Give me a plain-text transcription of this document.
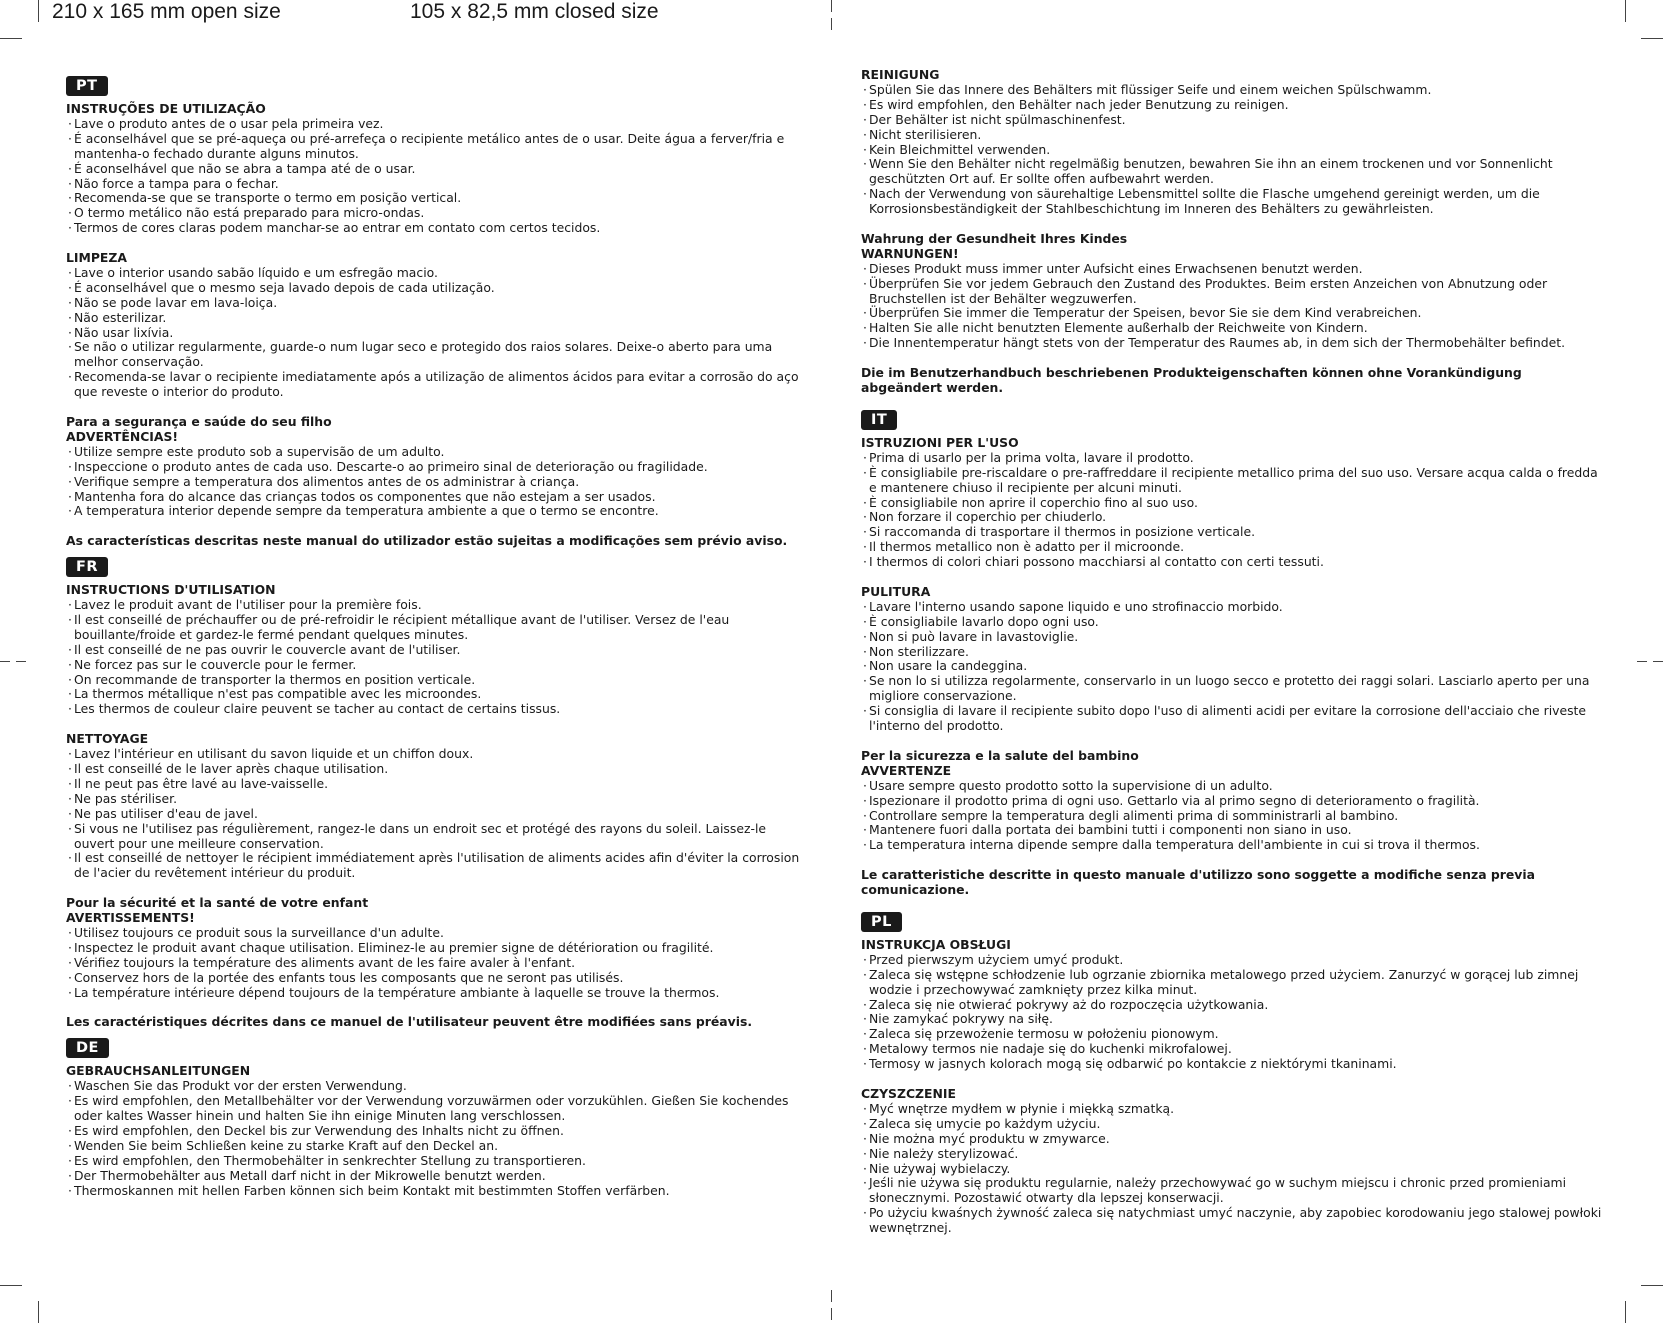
210 x 165 mm open size	105 x 82,5 mm closed size
PT
INSTRUÇÕES DE UTILIZAÇÃO
· Lave o produto antes de o usar pela primeira vez.
· É aconselhável que se pré-aqueça ou pré-arrefeça o recipiente metálico antes de o usar. Deite água a ferver/fria e mantenha-o fechado durante alguns minutos.
· É aconselhável que não se abra a tampa até de o usar.
· Não force a tampa para o fechar.
· Recomenda-se que se transporte o termo em posição vertical.
· O termo metálico não está preparado para micro-ondas.
· Termos de cores claras podem manchar-se ao entrar em contato com certos tecidos.
LIMPEZA
· Lave o interior usando sabão líquido e um esfregão macio.
· É aconselhável que o mesmo seja lavado depois de cada utilização.
· Não se pode lavar em lava-loiça.
· Não esterilizar.
· Não usar lixívia.
· Se não o utilizar regularmente, guarde-o num lugar seco e protegido dos raios solares. Deixe-o aberto para uma melhor conservação.
· Recomenda-se lavar o recipiente imediatamente após a utilização de alimentos ácidos para evitar a corrosão do aço que reveste o interior do produto.
Para a segurança e saúde do seu filho
ADVERTÊNCIAS!
· Utilize sempre este produto sob a supervisão de um adulto.
· Inspeccione o produto antes de cada uso. Descarte-o ao primeiro sinal de deterioração ou fragilidade.
· Verifique sempre a temperatura dos alimentos antes de os administrar à criança.
· Mantenha fora do alcance das crianças todos os componentes que não estejam a ser usados.
· A temperatura interior depende sempre da temperatura ambiente a que o termo se encontre.
As características descritas neste manual do utilizador estão sujeitas a modificações sem prévio aviso.
FR
INSTRUCTIONS D'UTILISATION
· Lavez le produit avant de l'utiliser pour la première fois.
· Il est conseillé de préchauffer ou de pré-refroidir le récipient métallique avant de l'utiliser. Versez de l'eau bouillante/froide et gardez-le fermé pendant quelques minutes.
· Il est conseillé de ne pas ouvrir le couvercle avant de l'utiliser.
· Ne forcez pas sur le couvercle pour le fermer.
· On recommande de transporter la thermos en position verticale.
· La thermos métallique n'est pas compatible avec les microondes.
· Les thermos de couleur claire peuvent se tacher au contact de certains tissus.
NETTOYAGE
· Lavez l'intérieur en utilisant du savon liquide et un chiffon doux.
· Il est conseillé de le laver après chaque utilisation.
· Il ne peut pas être lavé au lave-vaisselle.
· Ne pas stériliser.
· Ne pas utiliser d'eau de javel.
· Si vous ne l'utilisez pas régulièrement, rangez-le dans un endroit sec et protégé des rayons du soleil. Laissez-le ouvert pour une meilleure conservation.
· Il est conseillé de nettoyer le récipient immédiatement après l'utilisation de aliments acides afin d'éviter la corrosion de l'acier du revêtement intérieur du produit.
Pour la sécurité et la santé de votre enfant
AVERTISSEMENTS!
· Utilisez toujours ce produit sous la surveillance d'un adulte.
· Inspectez le produit avant chaque utilisation. Eliminez-le au premier signe de détérioration ou fragilité.
· Vérifiez toujours la température des aliments avant de les faire avaler à l'enfant.
· Conservez hors de la portée des enfants tous les composants que ne seront pas utilisés.
· La température intérieure dépend toujours de la température ambiante à laquelle se trouve la thermos.
Les caractéristiques décrites dans ce manuel de l'utilisateur peuvent être modifiées sans préavis.
DE
GEBRAUCHSANLEITUNGEN
· Waschen Sie das Produkt vor der ersten Verwendung.
· Es wird empfohlen, den Metallbehälter vor der Verwendung vorzuwärmen oder vorzukühlen. Gießen Sie kochendes oder kaltes Wasser hinein und halten Sie ihn einige Minuten lang verschlossen.
· Es wird empfohlen, den Deckel bis zur Verwendung des Inhalts nicht zu öffnen.
· Wenden Sie beim Schließen keine zu starke Kraft auf den Deckel an.
· Es wird empfohlen, den Thermobehälter in senkrechter Stellung zu transportieren.
· Der Thermobehälter aus Metall darf nicht in der Mikrowelle benutzt werden.
· Thermoskannen mit hellen Farben können sich beim Kontakt mit bestimmten Stoffen verfärben.
REINIGUNG
· Spülen Sie das Innere des Behälters mit flüssiger Seife und einem weichen Spülschwamm.
· Es wird empfohlen, den Behälter nach jeder Benutzung zu reinigen.
· Der Behälter ist nicht spülmaschinenfest.
· Nicht sterilisieren.
· Kein Bleichmittel verwenden.
· Wenn Sie den Behälter nicht regelmäßig benutzen, bewahren Sie ihn an einem trockenen und vor Sonnenlicht geschützten Ort auf. Er sollte offen aufbewahrt werden.
· Nach der Verwendung von säurehaltige Lebensmittel sollte die Flasche umgehend gereinigt werden, um die Korrosionsbeständigkeit der Stahlbeschichtung im Inneren des Behälters zu gewährleisten.
Wahrung der Gesundheit Ihres Kindes
WARNUNGEN!
· Dieses Produkt muss immer unter Aufsicht eines Erwachsenen benutzt werden.
· Überprüfen Sie vor jedem Gebrauch den Zustand des Produktes. Beim ersten Anzeichen von Abnutzung oder Bruchstellen ist der Behälter wegzuwerfen.
· Überprüfen Sie immer die Temperatur der Speisen, bevor Sie sie dem Kind verabreichen.
· Halten Sie alle nicht benutzten Elemente außerhalb der Reichweite von Kindern.
· Die Innentemperatur hängt stets von der Temperatur des Raumes ab, in dem sich der Thermobehälter befindet.
Die im Benutzerhandbuch beschriebenen Produkteigenschaften können ohne Vorankündigung abgeändert werden.
IT
ISTRUZIONI PER L'USO
· Prima di usarlo per la prima volta, lavare il prodotto.
· È consigliabile pre-riscaldare o pre-raffreddare il recipiente metallico prima del suo uso. Versare acqua calda o fredda e mantenere chiuso il recipiente per alcuni minuti.
· È consigliabile non aprire il coperchio fino al suo uso.
· Non forzare il coperchio per chiuderlo.
· Si raccomanda di trasportare il thermos in posizione verticale.
· Il thermos metallico non è adatto per il microonde.
· I thermos di colori chiari possono macchiarsi al contatto con certi tessuti.
PULITURA
· Lavare l'interno usando sapone liquido e uno strofinaccio morbido.
· È consigliabile lavarlo dopo ogni uso.
· Non si può lavare in lavastoviglie.
· Non sterilizzare.
· Non usare la candeggina.
· Se non lo si utilizza regolarmente, conservarlo in un luogo secco e protetto dei raggi solari. Lasciarlo aperto per una migliore conservazione.
· Si consiglia di lavare il recipiente subito dopo l'uso di alimenti acidi per evitare la corrosione dell'acciaio che riveste l'interno del prodotto.
Per la sicurezza e la salute del bambino
AVVERTENZE
· Usare sempre questo prodotto sotto la supervisione di un adulto.
· Ispezionare il prodotto prima di ogni uso. Gettarlo via al primo segno di deterioramento o fragilità.
· Controllare sempre la temperatura degli alimenti prima di somministrarli al bambino.
· Mantenere fuori dalla portata dei bambini tutti i componenti non siano in uso.
· La temperatura interna dipende sempre dalla temperatura dell'ambiente in cui si trova il thermos.
Le caratteristiche descritte in questo manuale d'utilizzo sono soggette a modifiche senza previa comunicazione.
PL
INSTRUKCJA OBSŁUGI
· Przed pierwszym użyciem umyć produkt.
· Zaleca się wstępne schłodzenie lub ogrzanie zbiornika metalowego przed użyciem. Zanurzyć w gorącej lub zimnej wodzie i przechowywać zamknięty przez kilka minut.
· Zaleca się nie otwierać pokrywy aż do rozpoczęcia użytkowania.
· Nie zamykać pokrywy na siłę.
· Zaleca się przewożenie termosu w położeniu pionowym.
· Metalowy termos nie nadaje się do kuchenki mikrofalowej.
· Termosy w jasnych kolorach mogą się odbarwić po kontakcie z niektórymi tkaninami.
CZYSZCZENIE
· Myć wnętrze mydłem w płynie i miękką szmatką.
· Zaleca się umycie po każdym użyciu.
· Nie można myć produktu w zmywarce.
· Nie należy sterylizować.
· Nie używaj wybielaczy.
· Jeśli nie używa się produktu regularnie, należy przechowywać go w suchym miejscu i chronic przed promieniami słonecznymi. Pozostawić otwarty dla lepszej konserwacji.
· Po użyciu kwaśnych żywność zaleca się natychmiast umyć naczynie, aby zapobiec korodowaniu jego stalowej powłoki wewnętrznej.
